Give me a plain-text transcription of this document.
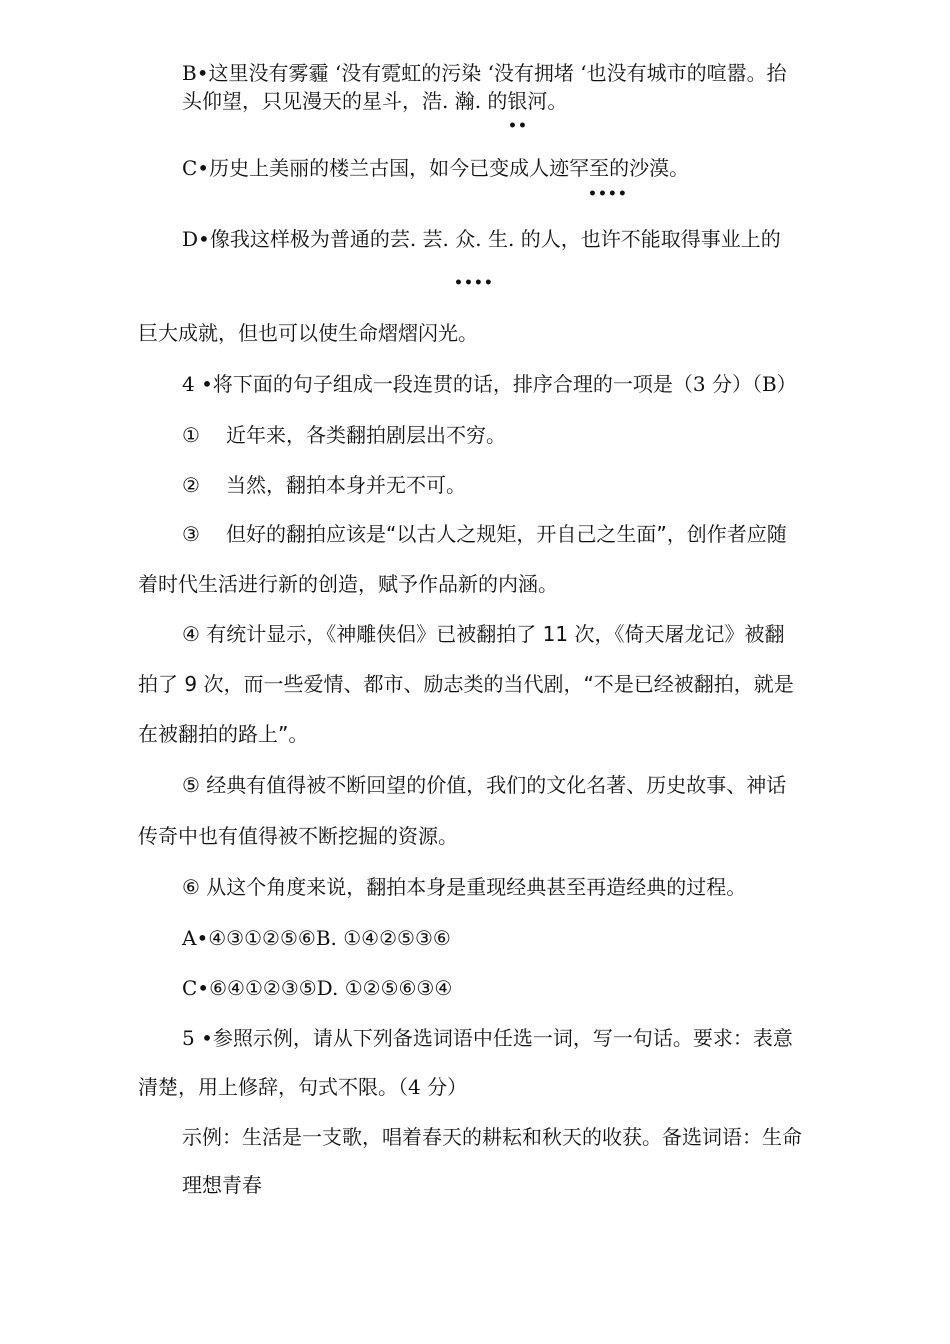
B•这里没有雾霾 ‘没有霓虹的污染 ‘没有拥堵 ‘也没有城市的喧嚣。抬
头仰望，只见漫天的星斗，浩. 瀚. 的银河。
••
C•历史上美丽的楼兰古国，如今已变成人迹罕至的沙漠。
••••
D•像我这样极为普通的芸. 芸. 众. 生. 的人，也许不能取得事业上的
••••
巨大成就，但也可以使生命熠熠闪光。
4 •将下面的句子组成一段连贯的话，排序合理的一项是（3 分）（B）
① 近年来，各类翻拍剧层出不穷。
② 当然，翻拍本身并无不可。
③ 但好的翻拍应该是“以古人之规矩，开自己之生面”，创作者应随
着时代生活进行新的创造，赋予作品新的内涵。
④ 有统计显示，《神雕侠侣》已被翻拍了 11 次，《倚天屠龙记》被翻
拍了 9 次，而一些爱情、都市、励志类的当代剧，“不是已经被翻拍，就是
在被翻拍的路上”。
⑤ 经典有值得被不断回望的价值，我们的文化名著、历史故事、神话
传奇中也有值得被不断挖掘的资源。
⑥ 从这个角度来说，翻拍本身是重现经典甚至再造经典的过程。
A•④③①②⑤⑥B. ①④②⑤③⑥
C•⑥④①②③⑤D. ①②⑤⑥③④
5 •参照示例，请从下列备选词语中任选一词，写一句话。要求：表意
清楚，用上修辞，句式不限。（4 分）
示例：生活是一支歌，唱着春天的耕耘和秋天的收获。备选词语：生命
理想青春
